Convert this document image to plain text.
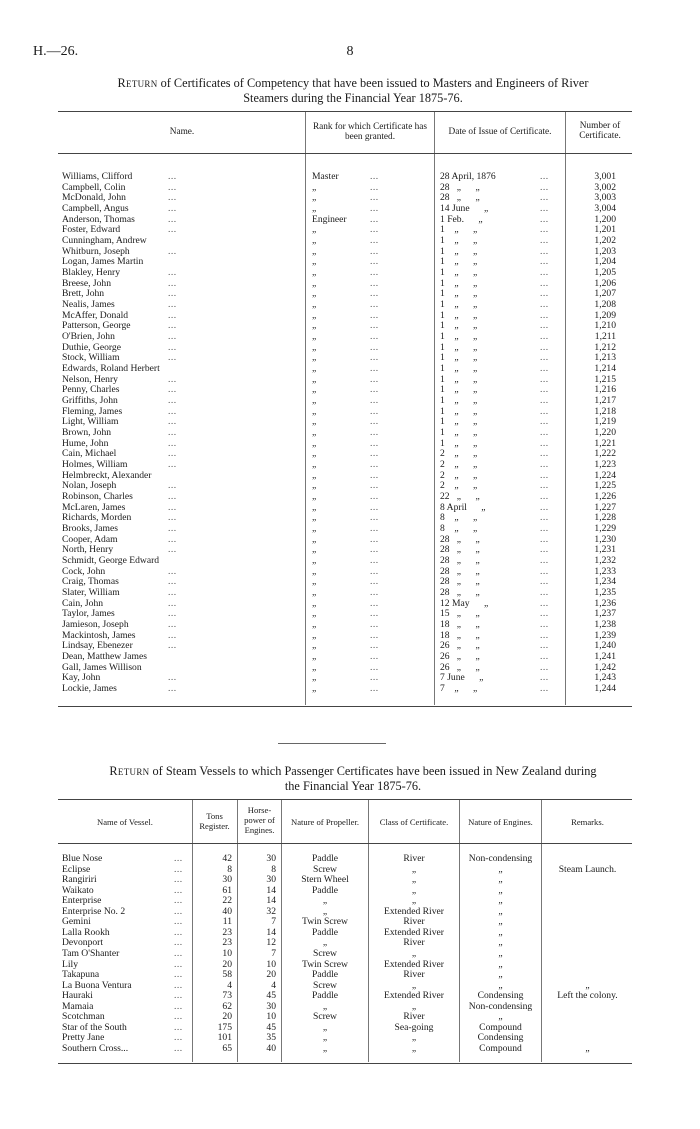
H.—26.	8
Return of Certificates of Competency that have been issued to Masters and Engineers of River
Steamers during the Financial Year 1875-76.
Name.	Rank for which Certificate has been granted.	Date of Issue of Certificate.
Number of Certificate.
Williams, Clifford	...	Master	...	28 April, 1876	...	3,001
Campbell, Colin	...	„	...	28   „      „	...	3,002
McDonald, John	...	„	...	28   „      „	...	3,003
Campbell, Angus	...	„	...	14 June      „	...	3,004
Anderson, Thomas	...	Engineer ...	1 Feb.      „	...	1,200
Foster, Edward	...	„	...	1    „      „	...	1,201
Cunningham, Andrew	„	...	1    „      „	...	1,202
Whitburn, Joseph	...	„	...	1    „      „	...	1,203
Logan, James Martin	„	...	1    „      „	...	1,204
Blakley, Henry	...	„	...	1    „      „	...	1,205
Breese, John	...	„	...	1    „      „	...	1,206
Brett, John	...	„	...	1    „      „	...	1,207
Nealis, James	...	„	...	1    „      „	...	1,208
McAffer, Donald	...	„	...	1    „      „	...	1,209
Patterson, George	...	„	...	1    „      „	...	1,210
O'Brien, John	...	„	...	1    „      „	...	1,211
Duthie, George	...	„	...	1    „      „	...	1,212
Stock, William	...	„	...	1    „      „	...	1,213
Edwards, Roland Herbert	„	...	1    „      „	...	1,214
Nelson, Henry	...	„	...	1    „      „	...	1,215
Penny, Charles	...	„	...	1    „      „	...	1,216
Griffiths, John	...	„	...	1    „      „	...	1,217
Fleming, James	...	„	...	1    „      „	...	1,218
Light, William	...	„	...	1    „      „	...	1,219
Brown, John	...	„	...	1    „      „	...	1,220
Hume, John	...	„	...	1    „      „	...	1,221
Cain, Michael	...	„	...	2    „      „	...	1,222
Holmes, William	...	„	...	2    „      „	...	1,223
Helmbreckt, Alexander	„	...	2    „      „	...	1,224
Nolan, Joseph	...	„	...	2    „      „	...	1,225
Robinson, Charles	...	„	...	22   „      „	...	1,226
McLaren, James	...	„	...	8 April      „	...	1,227
Richards, Morden	...	„	...	8    „      „	...	1,228
Brooks, James	...	„	...	8    „      „	...	1,229
Cooper, Adam	...	„	...	28   „      „	...	1,230
North, Henry	...	„	...	28   „      „	...	1,231
Schmidt, George Edward	„	...	28   „      „	...	1,232
Cock, John	...	„	...	28   „      „	...	1,233
Craig, Thomas	...	„	...	28   „      „	...	1,234
Slater, William	...	„	...	28   „      „	...	1,235
Cain, John	...	„	...	12 May      „	...	1,236
Taylor, James	...	„	...	15   „      „	...	1,237
Jamieson, Joseph	...	„	...	18   „      „	...	1,238
Mackintosh, James	...	„	...	18   „      „	...	1,239
Lindsay, Ebenezer	...	„	...	26   „      „	...	1,240
Dean, Matthew James	„	...	26   „      „	...	1,241
Gall, James Willison	„	...	26   „      „	...	1,242
Kay, John	...	„	...	7 June      „	...	1,243
Lockie, James	...	„	...	7    „      „	...	1,244
Return of Steam Vessels to which Passenger Certificates have been issued in New Zealand during
the Financial Year 1875-76.
Name of Vessel.
Tons Register.
Horse-power of Engines.
Nature of Propeller.	Class of Certificate.	Nature of Engines.	Remarks.
Blue Nose	...	42	30	Paddle	River	Non-condensing
Eclipse	...	8	8	Screw	„	„	Steam Launch.
Rangiriri	...	30	30	Stern Wheel	„	„
Waikato	...	61	14	Paddle	„	„
Enterprise	...	22	14	„	„	„
Enterprise No. 2	...	40	32	„	Extended River	„
Gemini	...	11	7	Twin Screw	River	„
Lalla Rookh	...	23	14	Paddle	Extended River	„
Devonport	...	23	12	„	River	„
Tam O'Shanter	...	10	7	Screw	„	„
Lily	...	20	10	Twin Screw	Extended River	„
Takapuna	...	58	20	Paddle	River	„
La Buona Ventura	...	4	4	Screw	„	„	„
Hauraki	...	73	45	Paddle	Extended River	Condensing	Left the colony.
Mamaia	...	62	30	„	„	Non-condensing
Scotchman	...	20	10	Screw	River	„
Star of the South	...	175	45	„	Sea-going	Compound
Pretty Jane	...	101	35	„	„	Condensing
Southern Cross...	...	65	40	„	„	Compound	„
